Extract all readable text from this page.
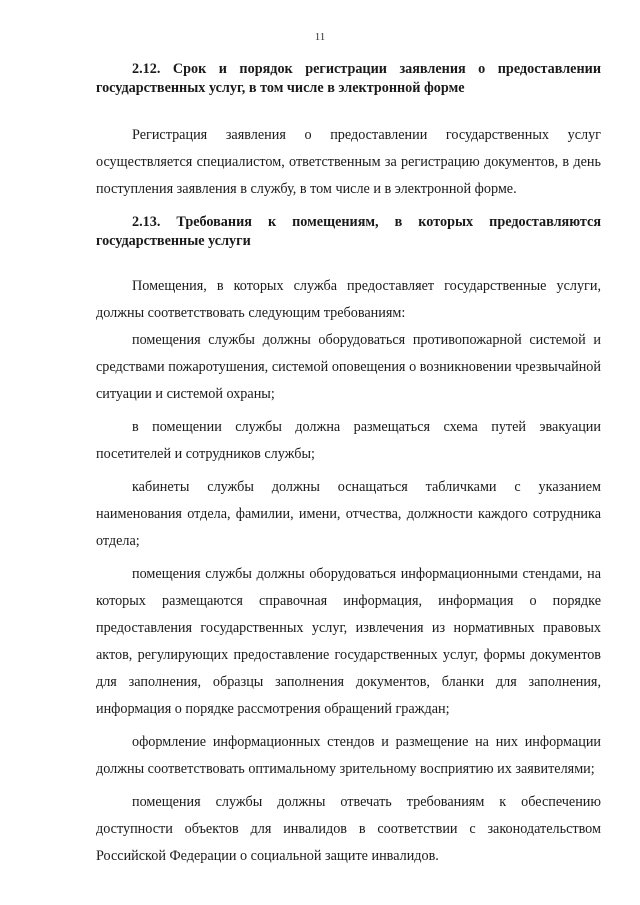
11

2.12. Срок и порядок регистрации заявления о предоставлении государственных услуг, в том числе в электронной форме

Регистрация заявления о предоставлении государственных услуг осуществляется специалистом, ответственным за регистрацию документов, в день поступления заявления в службу, в том числе и в электронной форме.

2.13. Требования к помещениям, в которых предоставляются государственные услуги

Помещения, в которых служба предоставляет государственные услуги, должны соответствовать следующим требованиям:

помещения службы должны оборудоваться противопожарной системой и средствами пожаротушения, системой оповещения о возникновении чрезвычайной ситуации и системой охраны;

в помещении службы должна размещаться схема путей эвакуации посетителей и сотрудников службы;

кабинеты службы должны оснащаться табличками с указанием наименования отдела, фамилии, имени, отчества, должности каждого сотрудника отдела;

помещения службы должны оборудоваться информационными стендами, на которых размещаются справочная информация, информация о порядке предоставления государственных услуг, извлечения из нормативных правовых актов, регулирующих предоставление государственных услуг, формы документов для заполнения, образцы заполнения документов, бланки для заполнения, информация о порядке рассмотрения обращений граждан;

оформление информационных стендов и размещение на них информации должны соответствовать оптимальному зрительному восприятию их заявителями;

помещения службы должны отвечать требованиям к обеспечению доступности объектов для инвалидов в соответствии с законодательством Российской Федерации о социальной защите инвалидов.
